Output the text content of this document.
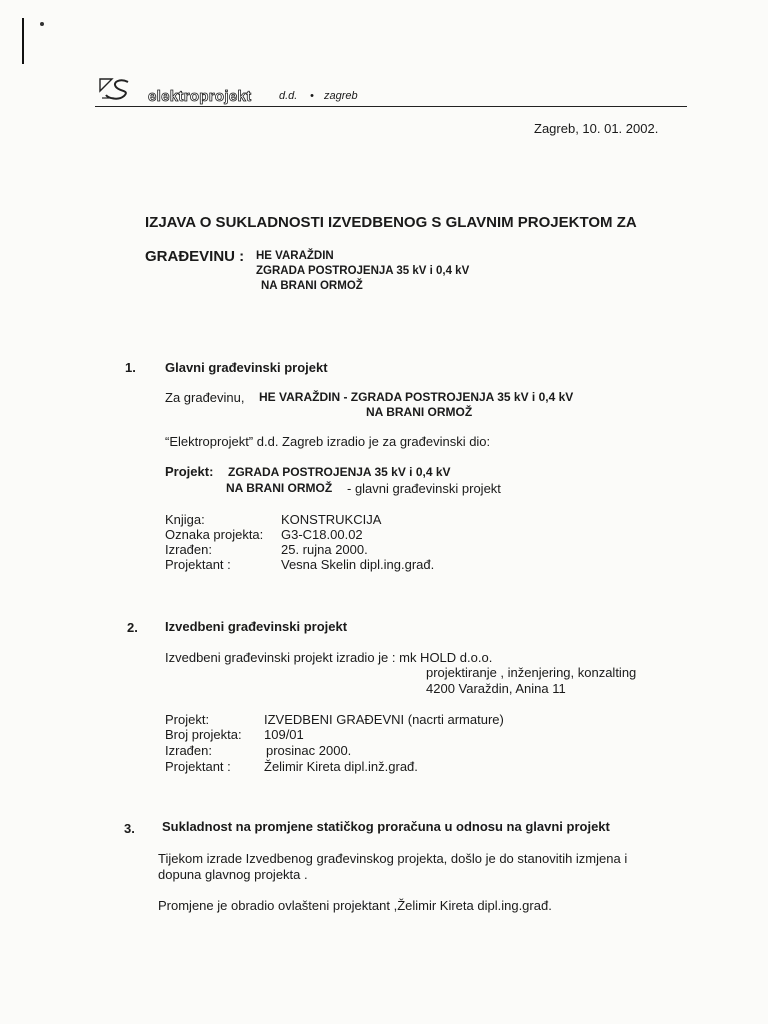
elektroprojekt	d.d. • zagreb
Zagreb, 10. 01. 2002.
IZJAVA O SUKLADNOSTI IZVEDBENOG S GLAVNIM PROJEKTOM ZA
GRAĐEVINU : HE VARAŽDIN
ZGRADA POSTROJENJA 35 kV i 0,4 kV
NA BRANI ORMOŽ
1. Glavni građevinski projekt
Za građevinu, HE VARAŽDIN - ZGRADA POSTROJENJA 35 kV i 0,4 kV
NA BRANI ORMOŽ
“Elektroprojekt” d.d. Zagreb izradio je za građevinski dio:
Projekt: ZGRADA POSTROJENJA 35 kV i 0,4 kV
NA BRANI ORMOŽ - glavni građevinski projekt
Knjiga:	KONSTRUKCIJA
Oznaka projekta: G3-C18.00.02
Izrađen:	25. rujna 2000.
Projektant :	Vesna Skelin dipl.ing.građ.
2. Izvedbeni građevinski projekt
Izvedbeni građevinski projekt izradio je : mk HOLD d.o.o.
projektiranje , inženjering, konzalting
4200 Varaždin, Anina 11
Projekt:	IZVEDBENI GRAĐEVNI (nacrti armature)
Broj projekta: 109/01
Izrađen:	prosinac 2000.
Projektant :	Želimir Kireta dipl.inž.građ.
3. Sukladnost na promjene statičkog proračuna u odnosu na glavni projekt
Tijekom izrade Izvedbenog građevinskog projekta, došlo je do stanovitih izmjena i
dopuna glavnog projekta .
Promjene je obradio ovlašteni projektant ,Želimir Kireta dipl.ing.građ.
